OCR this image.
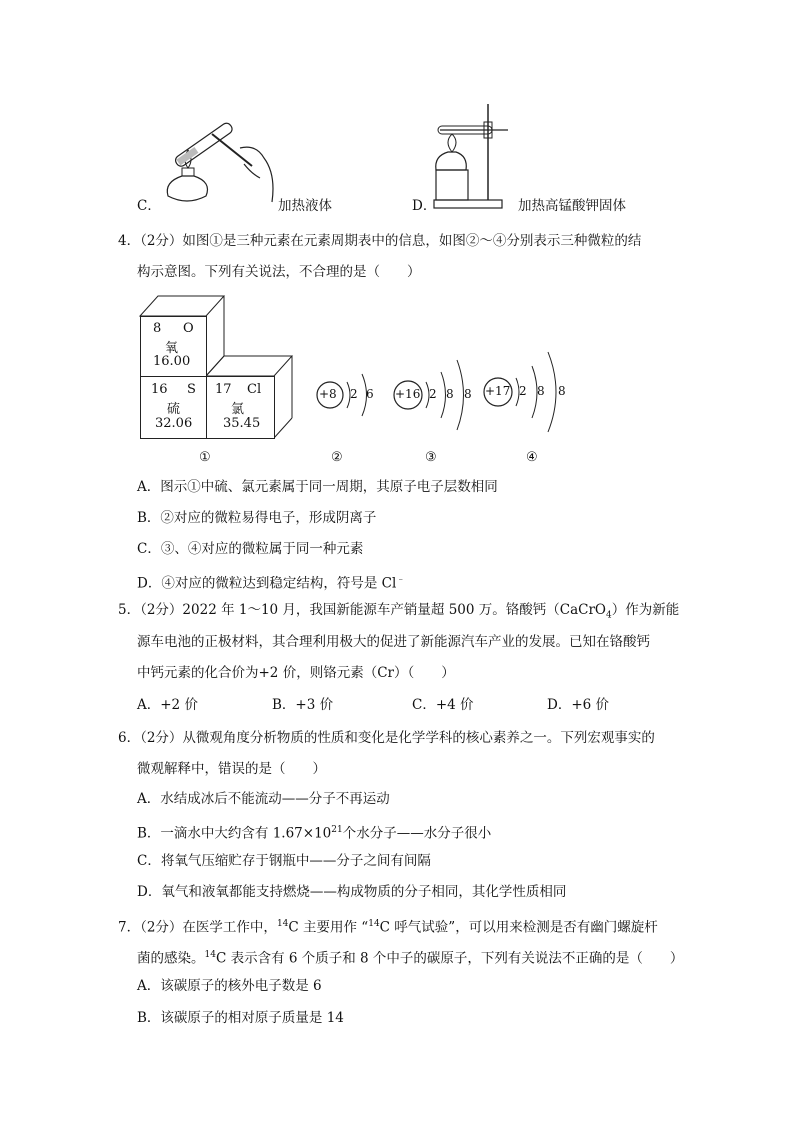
C．	加热液体	D．	加热高锰酸钾固体
4．（2分）如图①是三种元素在元素周期表中的信息，如图②～④分别表示三种微粒的结
构示意图。下列有关说法，不合理的是（　　）
8 O
氧
16.00
16 S
硫
32.06
17 Cl
氯
35.45
+8 2 6 +16 2 8 8 +17 2 8 8
①	②	③	④
A．图示①中硫、氯元素属于同一周期，其原子电子层数相同
B．②对应的微粒易得电子，形成阴离子
C．③、④对应的微粒属于同一种元素
D．④对应的微粒达到稳定结构，符号是 Cl﹣
5．（2分）2022 年 1～10 月，我国新能源车产销量超 500 万。铬酸钙（CaCrO$_4$）作为新能
源车电池的正极材料，其合理利用极大的促进了新能源汽车产业的发展。已知在铬酸钙
中钙元素的化合价为+2 价，则铬元素（Cr）（　　）
A．+2 价	B．+3 价	C．+4 价	D．+6 价
6．（2分）从微观角度分析物质的性质和变化是化学学科的核心素养之一。下列宏观事实的
微观解释中，错误的是（　　）
A．水结成冰后不能流动——分子不再运动
B．一滴水中大约含有 $1.67\times 10^{21}$个水分子——水分子很小
C．将氧气压缩贮存于钢瓶中——分子之间有间隔
D．氧气和液氧都能支持燃烧——构成物质的分子相同，其化学性质相同
7．（2分）在医学工作中，$^{14}$C 主要用作 “$^{14}$C 呼气试验”，可以用来检测是否有幽门螺旋杆
菌的感染。$^{14}$C 表示含有 6 个质子和 8 个中子的碳原子，下列有关说法不正确的是（　　）
A．该碳原子的核外电子数是 6
B．该碳原子的相对原子质量是 14
